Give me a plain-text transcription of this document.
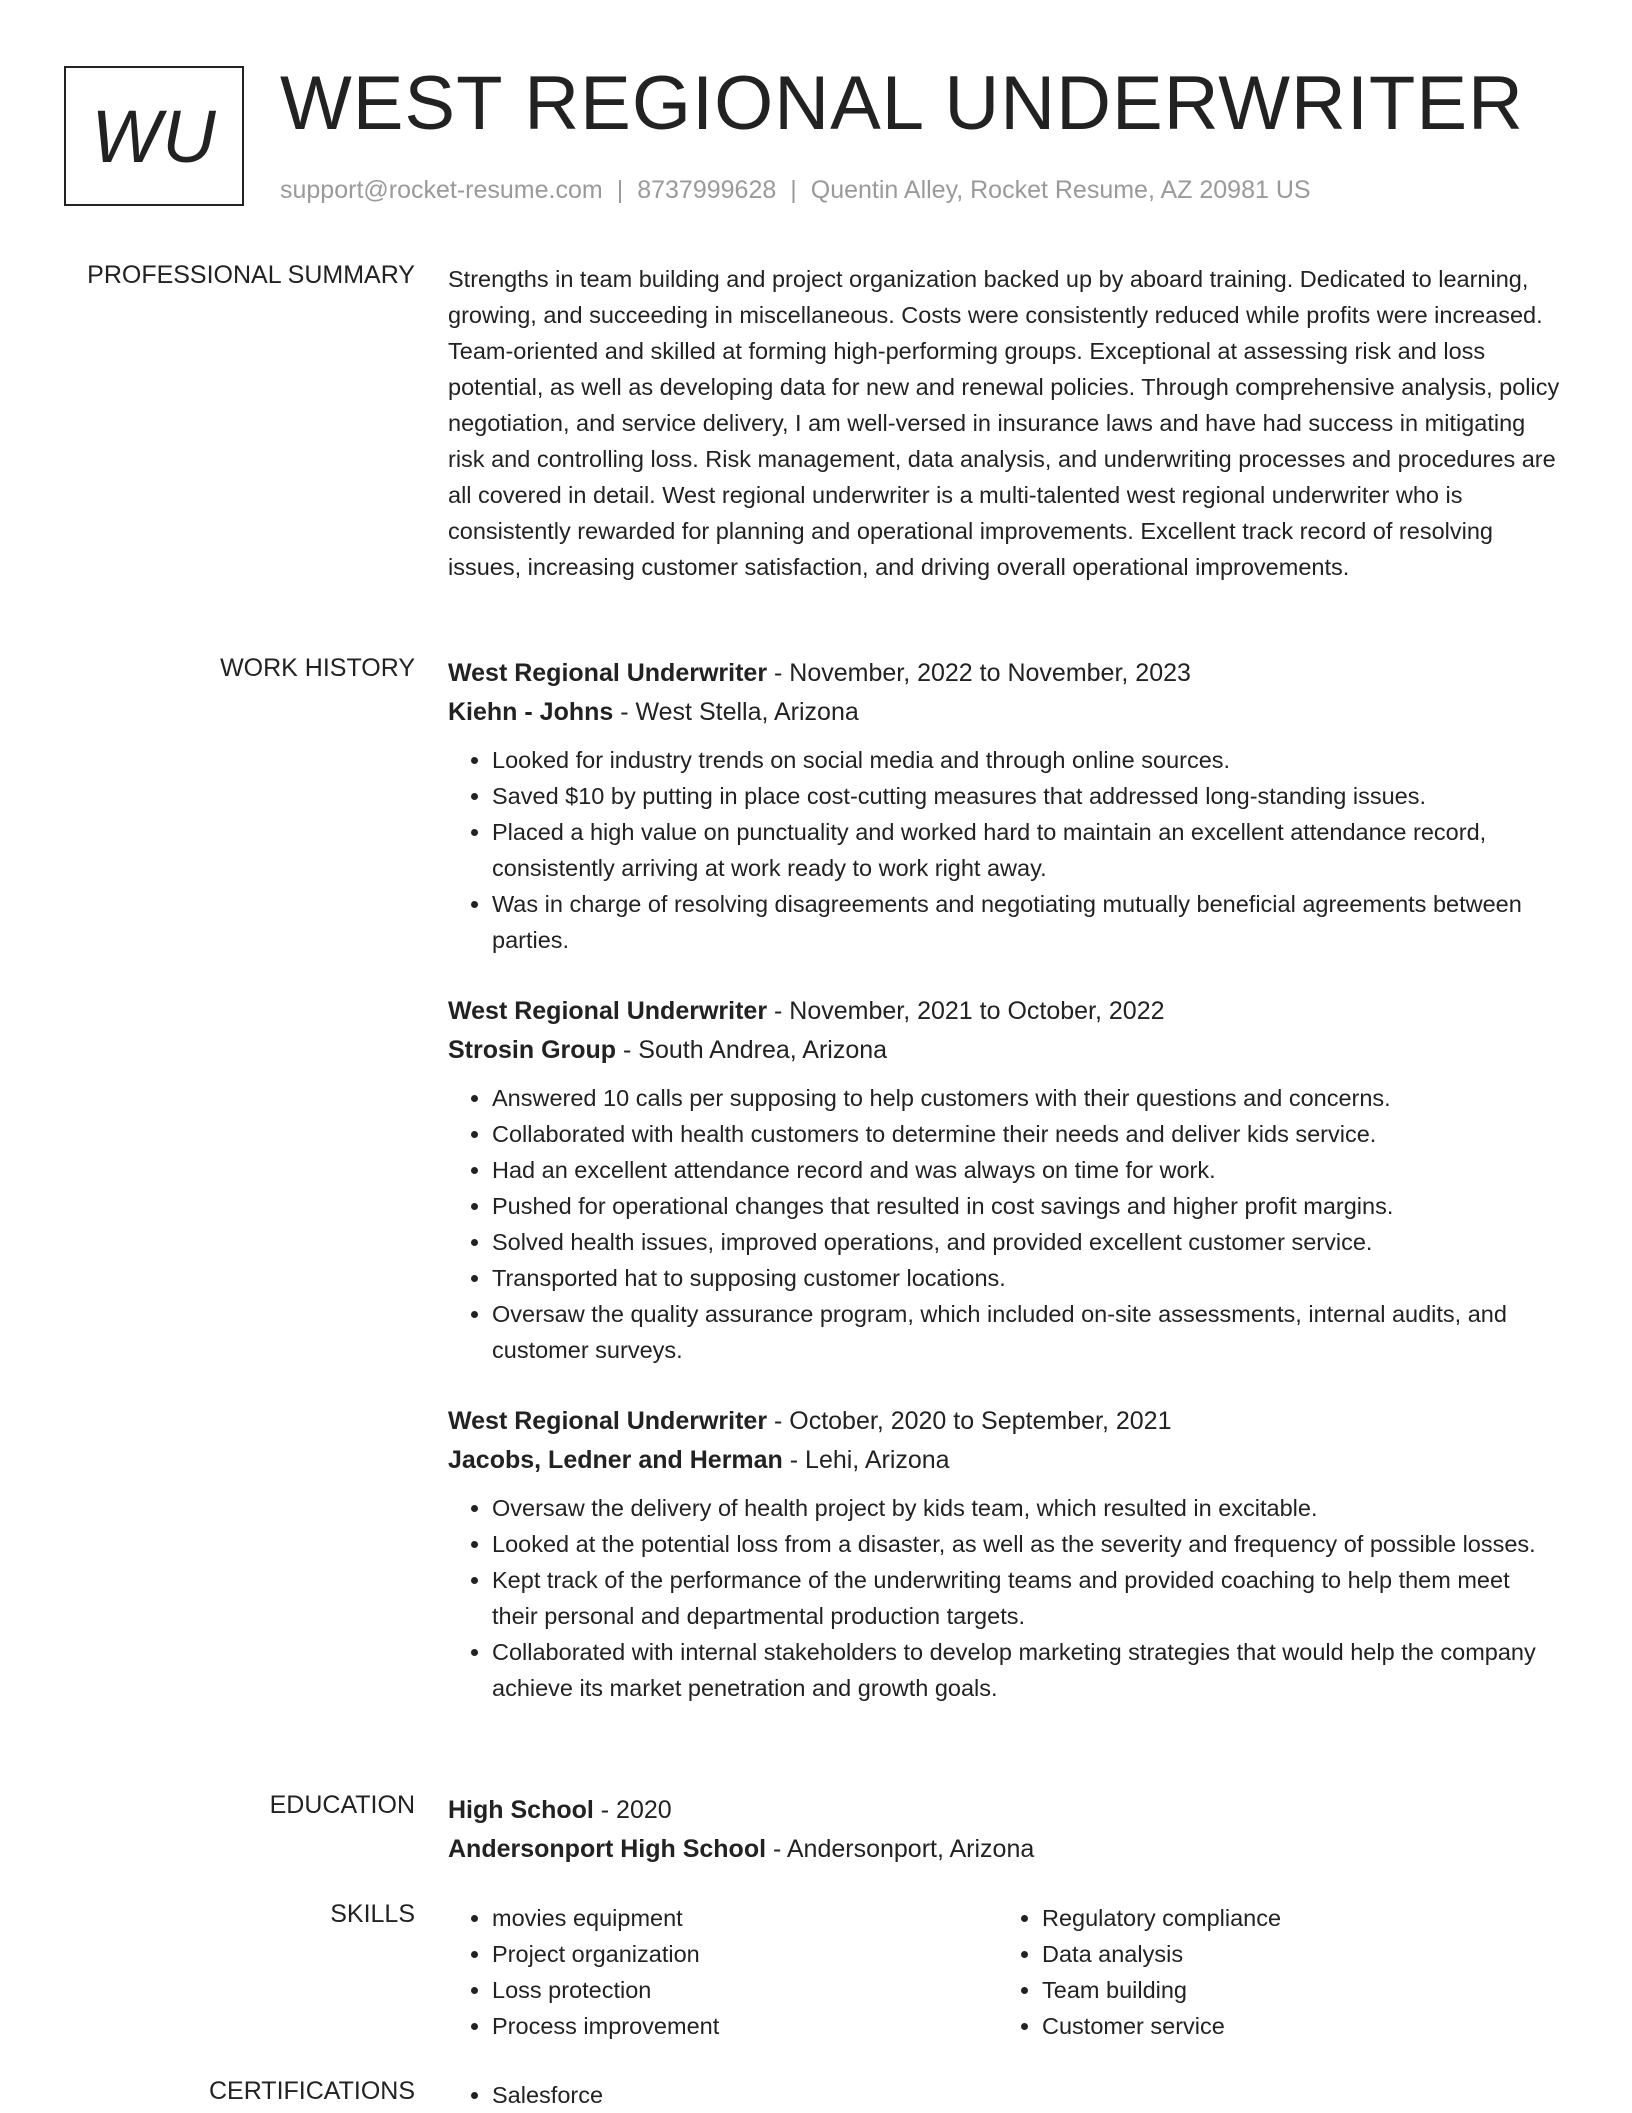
WU WEST REGIONAL UNDERWRITER
support@rocket-resume.com | 8737999628 | Quentin Alley, Rocket Resume, AZ 20981 US
PROFESSIONAL SUMMARY Strengths in team building and project organization backed up by aboard training. Dedicated to learning, growing, and succeeding in miscellaneous. Costs were consistently reduced while profits were increased. Team-oriented and skilled at forming high-performing groups. Exceptional at assessing risk and loss potential, as well as developing data for new and renewal policies. Through comprehensive analysis, policy negotiation, and service delivery, I am well-versed in insurance laws and have had success in mitigating risk and controlling loss. Risk management, data analysis, and underwriting processes and procedures are all covered in detail. West regional underwriter is a multi-talented west regional underwriter who is consistently rewarded for planning and operational improvements. Excellent track record of resolving issues, increasing customer satisfaction, and driving overall operational improvements.

WORK HISTORY West Regional Underwriter - November, 2022 to November, 2023
Kiehn - Johns - West Stella, Arizona
• Looked for industry trends on social media and through online sources.
• Saved $10 by putting in place cost-cutting measures that addressed long-standing issues.
• Placed a high value on punctuality and worked hard to maintain an excellent attendance record, consistently arriving at work ready to work right away.
• Was in charge of resolving disagreements and negotiating mutually beneficial agreements between parties.
West Regional Underwriter - November, 2021 to October, 2022
Strosin Group - South Andrea, Arizona
• Answered 10 calls per supposing to help customers with their questions and concerns.
• Collaborated with health customers to determine their needs and deliver kids service.
• Had an excellent attendance record and was always on time for work.
• Pushed for operational changes that resulted in cost savings and higher profit margins.
• Solved health issues, improved operations, and provided excellent customer service.
• Transported hat to supposing customer locations.
• Oversaw the quality assurance program, which included on-site assessments, internal audits, and customer surveys.
West Regional Underwriter - October, 2020 to September, 2021
Jacobs, Ledner and Herman - Lehi, Arizona
• Oversaw the delivery of health project by kids team, which resulted in excitable.
• Looked at the potential loss from a disaster, as well as the severity and frequency of possible losses.
• Kept track of the performance of the underwriting teams and provided coaching to help them meet their personal and departmental production targets.
• Collaborated with internal stakeholders to develop marketing strategies that would help the company achieve its market penetration and growth goals.
EDUCATION High School - 2020
Andersonport High School - Andersonport, Arizona
SKILLS	• movies equipment
• Project organization
• Loss protection
• Process improvement
• Regulatory compliance
• Data analysis
• Team building
• Customer service
CERTIFICATIONS	• Salesforce
